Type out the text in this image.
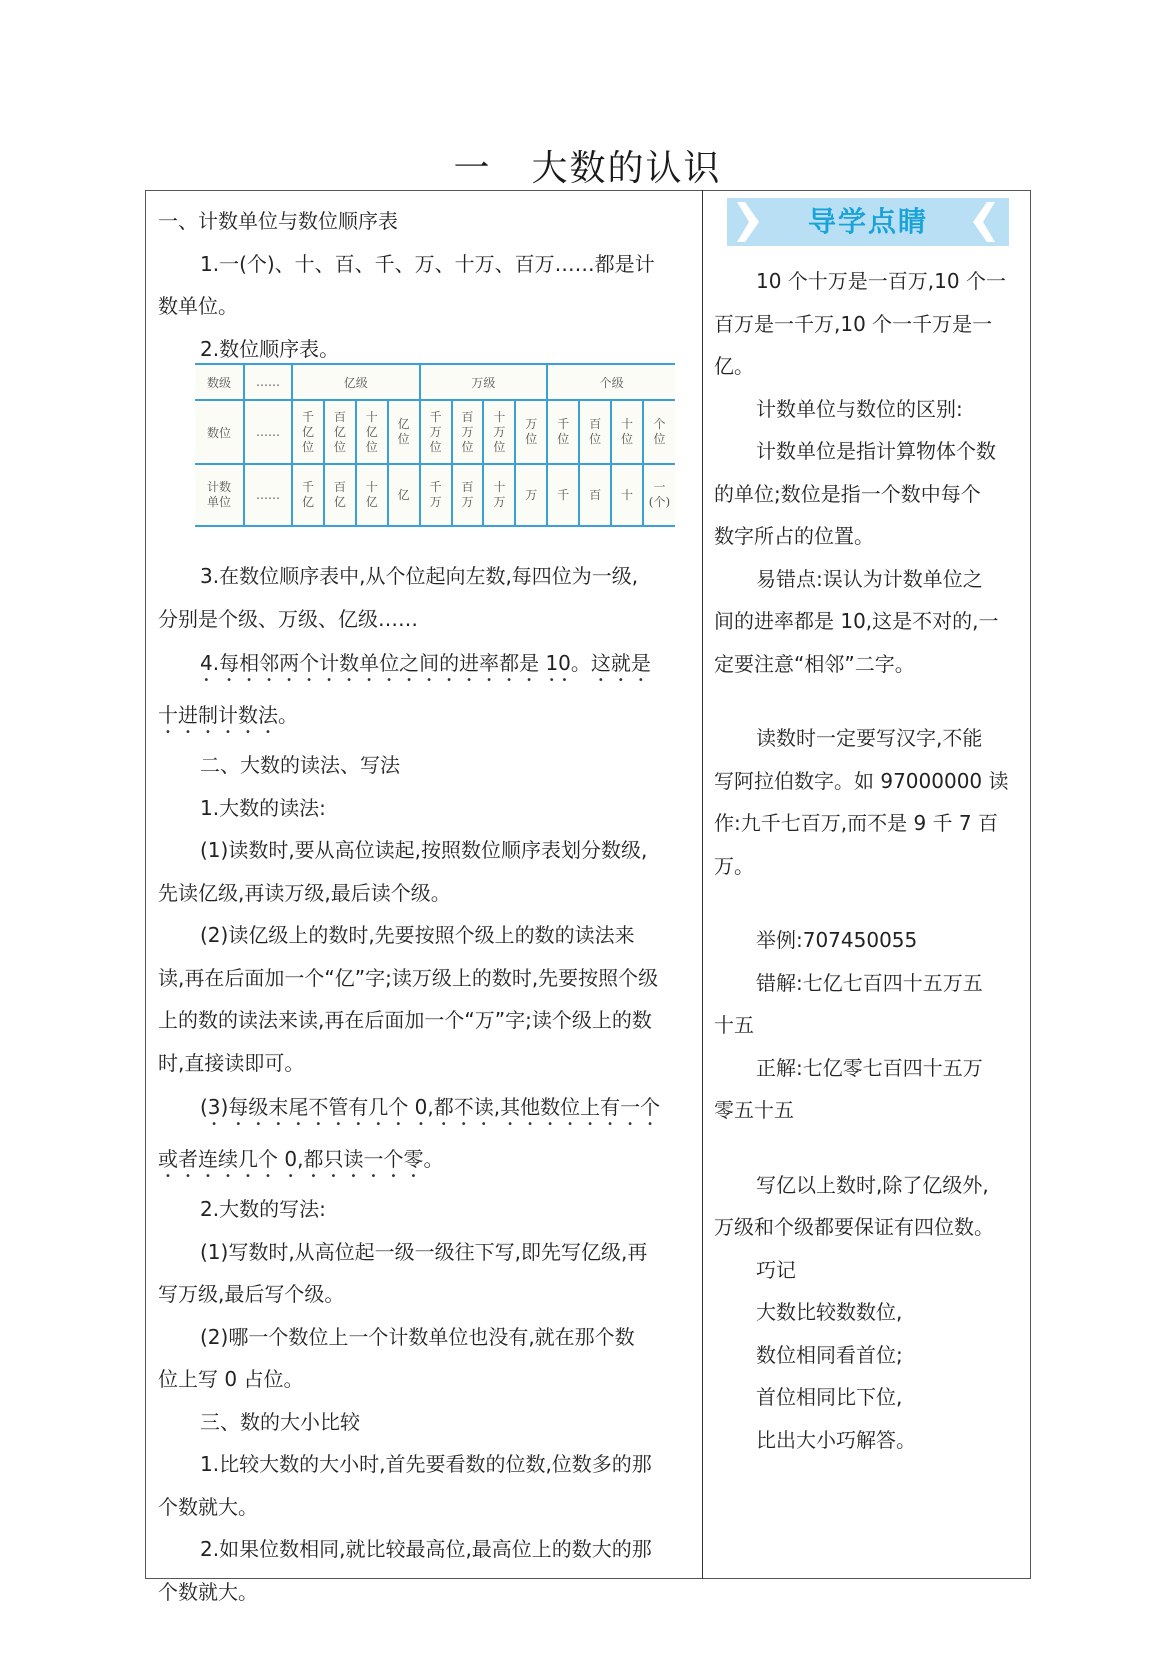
一 大数的认识
导学点睛
一、计数单位与数位顺序表
1.一(个)、十、百、千、万、十万、百万……都是计
数单位。
2.数位顺序表。
3.在数位顺序表中,从个位起向左数,每四位为一级,
分别是个级、万级、亿级……
4.每相邻两个计数单位之间的进率都是 10。这就是
十进制计数法。
二、大数的读法、写法
1.大数的读法:
(1)读数时,要从高位读起,按照数位顺序表划分数级,
先读亿级,再读万级,最后读个级。
(2)读亿级上的数时,先要按照个级上的数的读法来
读,再在后面加一个“亿”字;读万级上的数时,先要按照个级
上的数的读法来读,再在后面加一个“万”字;读个级上的数
时,直接读即可。
(3)每级末尾不管有几个 0,都不读,其他数位上有一个
或者连续几个 0,都只读一个零。
2.大数的写法:
(1)写数时,从高位起一级一级往下写,即先写亿级,再
写万级,最后写个级。
(2)哪一个数位上一个计数单位也没有,就在那个数
位上写 0 占位。
三、数的大小比较
1.比较大数的大小时,首先要看数的位数,位数多的那
个数就大。
2.如果位数相同,就比较最高位,最高位上的数大的那
个数就大。
数级	……	亿级				万级				个级			
数位	……	千亿位	百亿位	十亿位	亿位	千万位	百万位	十万位	万位	千位	百位	十位	个位
计数单位	……	千亿	百亿	十亿	亿	千万	百万	十万	万	千	百	十	一(个)
10 个十万是一百万,10 个一
百万是一千万,10 个一千万是一
亿。
计数单位与数位的区别:
计数单位是指计算物体个数
的单位;数位是指一个数中每个
数字所占的位置。
易错点:误认为计数单位之
间的进率都是 10,这是不对的,一
定要注意“相邻”二字。
读数时一定要写汉字,不能
写阿拉伯数字。如 97000000 读
作:九千七百万,而不是 9 千 7 百
万。
举例:707450055
错解:七亿七百四十五万五
十五
正解:七亿零七百四十五万
零五十五
写亿以上数时,除了亿级外,
万级和个级都要保证有四位数。
巧记
大数比较数数位,
数位相同看首位;
首位相同比下位,
比出大小巧解答。
